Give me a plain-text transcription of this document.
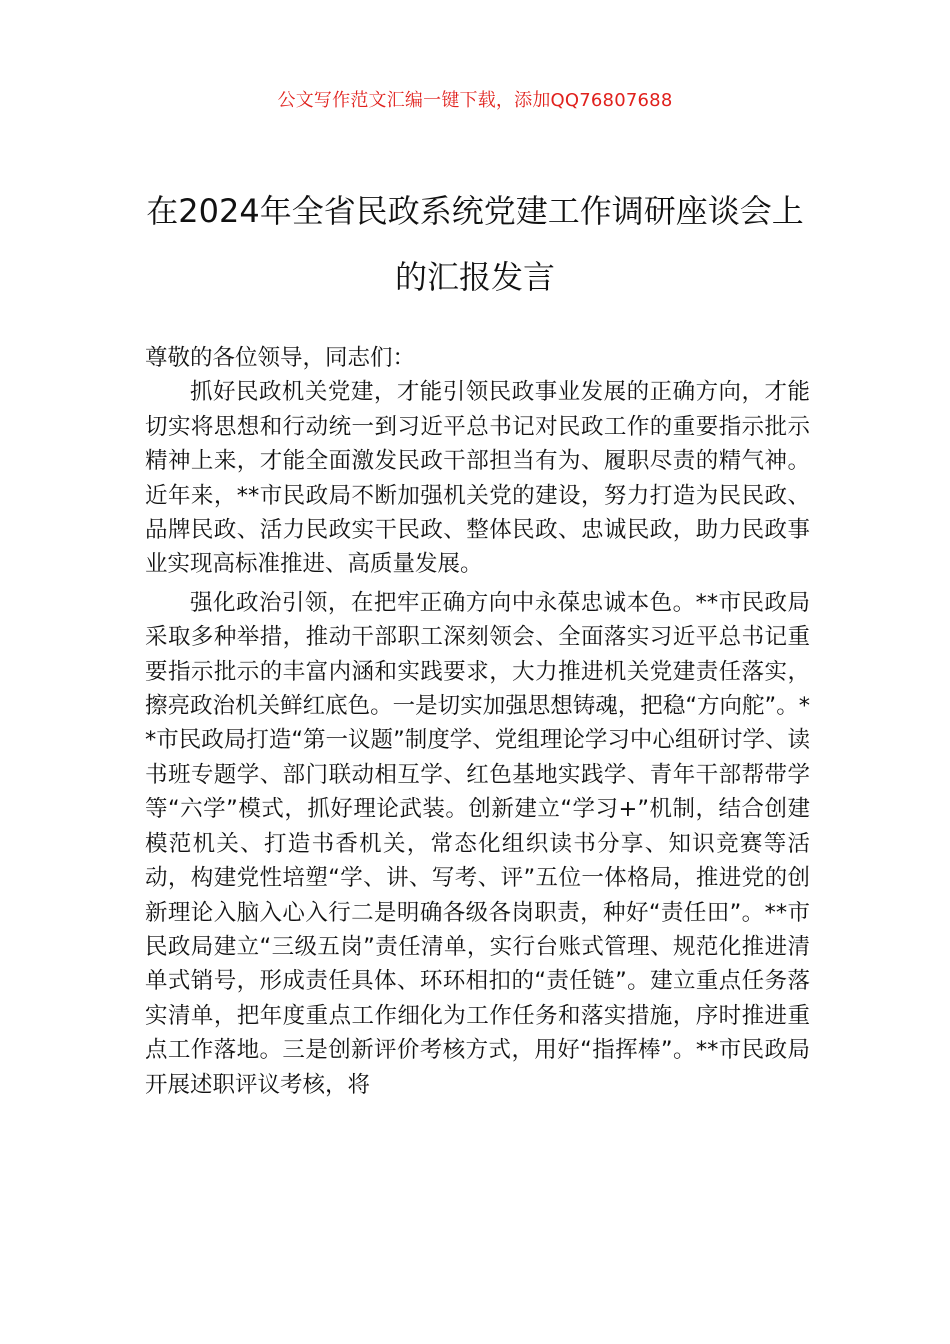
公文写作范文汇编一键下载，添加QQ76807688
在2024年全省民政系统党建工作调研座谈会上的汇报发言

尊敬的各位领导，同志们：

抓好民政机关党建，才能引领民政事业发展的正确方向，才能切实将思想和行动统一到习近平总书记对民政工作的重要指示批示精神上来，才能全面激发民政干部担当有为、履职尽责的精气神。近年来，**市民政局不断加强机关党的建设，努力打造为民民政、品牌民政、活力民政实干民政、整体民政、忠诚民政，助力民政事业实现高标准推进、高质量发展。

强化政治引领，在把牢正确方向中永葆忠诚本色。**市民政局采取多种举措，推动干部职工深刻领会、全面落实习近平总书记重要指示批示的丰富内涵和实践要求，大力推进机关党建责任落实，擦亮政治机关鲜红底色。一是切实加强思想铸魂，把稳“方向舵”。**市民政局打造“第一议题”制度学、党组理论学习中心组研讨学、读书班专题学、部门联动相互学、红色基地实践学、青年干部帮带学等“六学”模式，抓好理论武装。创新建立“学习+”机制，结合创建模范机关、打造书香机关，常态化组织读书分享、知识竞赛等活动，构建党性培塑“学、讲、写考、评”五位一体格局，推进党的创新理论入脑入心入行二是明确各级各岗职责，种好“责任田”。**市民政局建立“三级五岗”责任清单，实行台账式管理、规范化推进清单式销号，形成责任具体、环环相扣的“责任链”。建立重点任务落实清单，把年度重点工作细化为工作任务和落实措施，序时推进重点工作落地。三是创新评价考核方式，用好“指挥棒”。**市民政局开展述职评议考核，将
